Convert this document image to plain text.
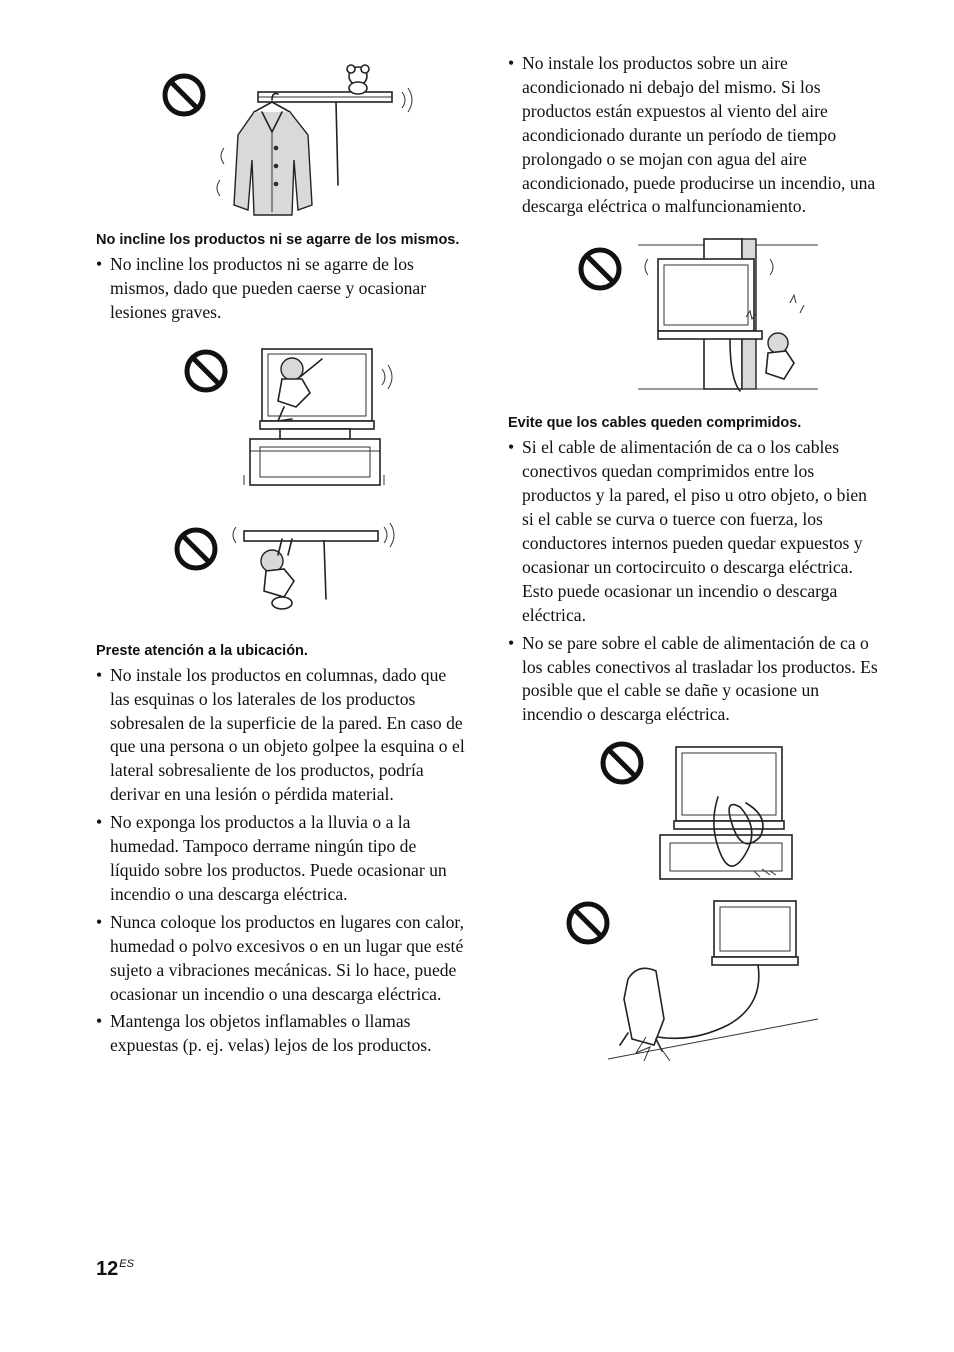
No incline los productos ni se agarre de los mismos.

• No incline los productos ni se agarre de los mismos, dado que pueden caerse y ocasionar lesiones graves.

Preste atención a la ubicación.

• No instale los productos en columnas, dado que las esquinas o los laterales de los productos sobresalen de la superficie de la pared. En caso de que una persona o un objeto golpee la esquina o el lateral sobresaliente de los productos, podría derivar en una lesión o pérdida material.
• No exponga los productos a la lluvia o a la humedad. Tampoco derrame ningún tipo de líquido sobre los productos. Puede ocasionar un incendio o una descarga eléctrica.
• Nunca coloque los productos en lugares con calor, humedad o polvo excesivos o en un lugar que esté sujeto a vibraciones mecánicas. Si lo hace, puede ocasionar un incendio o una descarga eléctrica.
• Mantenga los objetos inflamables o llamas expuestas (p. ej. velas) lejos de los productos.
• No instale los productos sobre un aire acondicionado ni debajo del mismo. Si los productos están expuestos al viento del aire acondicionado durante un período de tiempo prolongado o se mojan con agua del aire acondicionado, puede producirse un incendio, una descarga eléctrica o malfuncionamiento.

Evite que los cables queden comprimidos.

• Si el cable de alimentación de ca o los cables conectivos quedan comprimidos entre los productos y la pared, el piso u otro objeto, o bien si el cable se curva o tuerce con fuerza, los conductores internos pueden quedar expuestos y ocasionar un cortocircuito o descarga eléctrica. Esto puede ocasionar un incendio o descarga eléctrica.
• No se pare sobre el cable de alimentación de ca o los cables conectivos al trasladar los productos. Es posible que el cable se dañe y ocasione un incendio o descarga eléctrica.
$12^{ES}$
